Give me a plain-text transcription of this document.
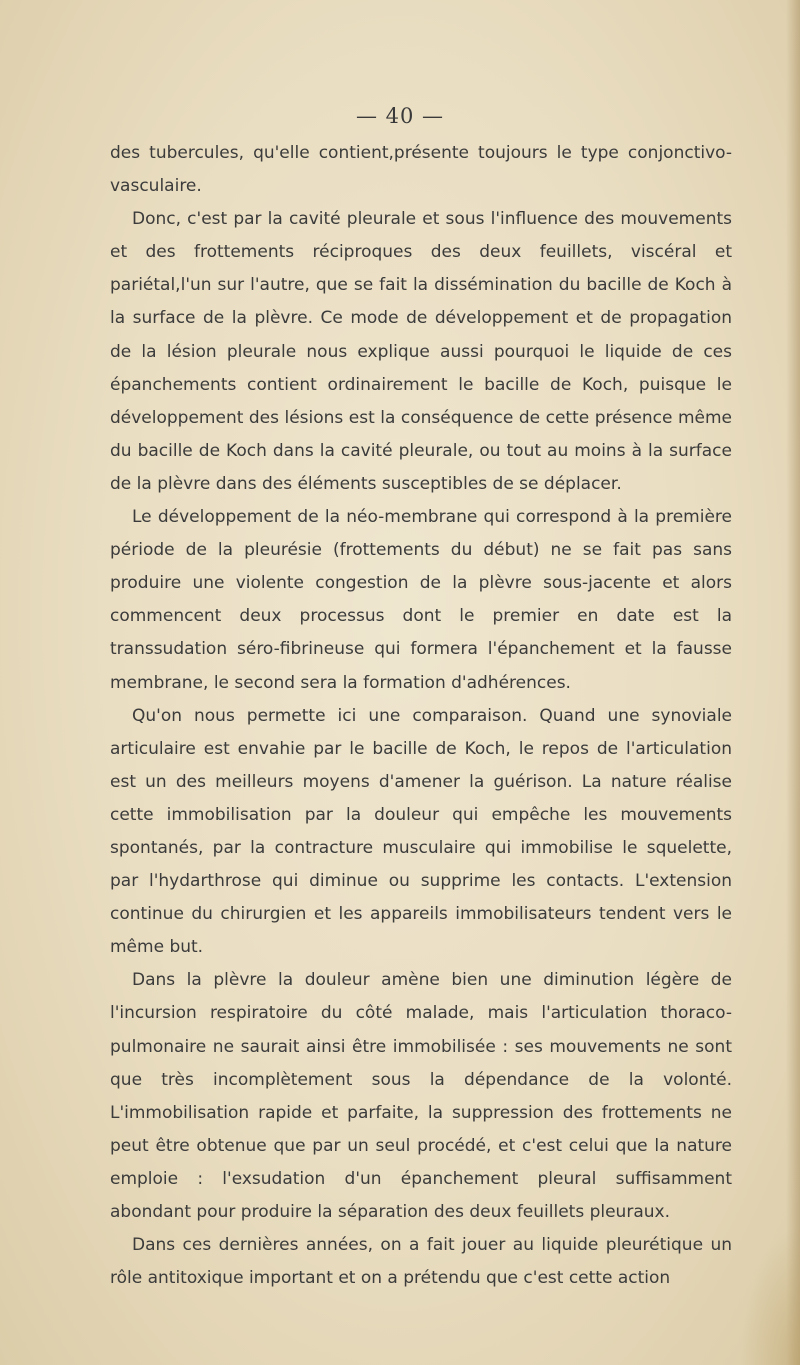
— 40 —

des tubercules, qu'elle contient,présente toujours le type conjonctivo-vasculaire.

Donc, c'est par la cavité pleurale et sous l'influence des mouvements et des frottements réciproques des deux feuillets, viscéral et pariétal,l'un sur l'autre, que se fait la dissémination du bacille de Koch à la surface de la plèvre. Ce mode de développement et de propagation de la lésion pleurale nous explique aussi pourquoi le liquide de ces épanchements contient ordinairement le bacille de Koch, puisque le développement des lésions est la conséquence de cette présence même du bacille de Koch dans la cavité pleurale, ou tout au moins à la surface de la plèvre dans des éléments susceptibles de se déplacer.

Le développement de la néo-membrane qui correspond à la première période de la pleurésie (frottements du début) ne se fait pas sans produire une violente congestion de la plèvre sous-jacente et alors commencent deux processus dont le premier en date est la transsudation séro-fibrineuse qui formera l'épanchement et la fausse membrane, le second sera la formation d'adhérences.

Qu'on nous permette ici une comparaison. Quand une synoviale articulaire est envahie par le bacille de Koch, le repos de l'articulation est un des meilleurs moyens d'amener la guérison. La nature réalise cette immobilisation par la douleur qui empêche les mouvements spontanés, par la contracture musculaire qui immobilise le squelette, par l'hydarthrose qui diminue ou supprime les contacts. L'extension continue du chirurgien et les appareils immobilisateurs tendent vers le même but.

Dans la plèvre la douleur amène bien une diminution légère de l'incursion respiratoire du côté malade, mais l'articulation thoraco-pulmonaire ne saurait ainsi être immobilisée : ses mouvements ne sont que très incomplètement sous la dépendance de la volonté. L'immobilisation rapide et parfaite, la suppression des frottements ne peut être obtenue que par un seul procédé, et c'est celui que la nature emploie : l'exsudation d'un épanchement pleural suffisamment abondant pour produire la séparation des deux feuillets pleuraux.

Dans ces dernières années, on a fait jouer au liquide pleurétique un rôle antitoxique important et on a prétendu que c'est cette action
